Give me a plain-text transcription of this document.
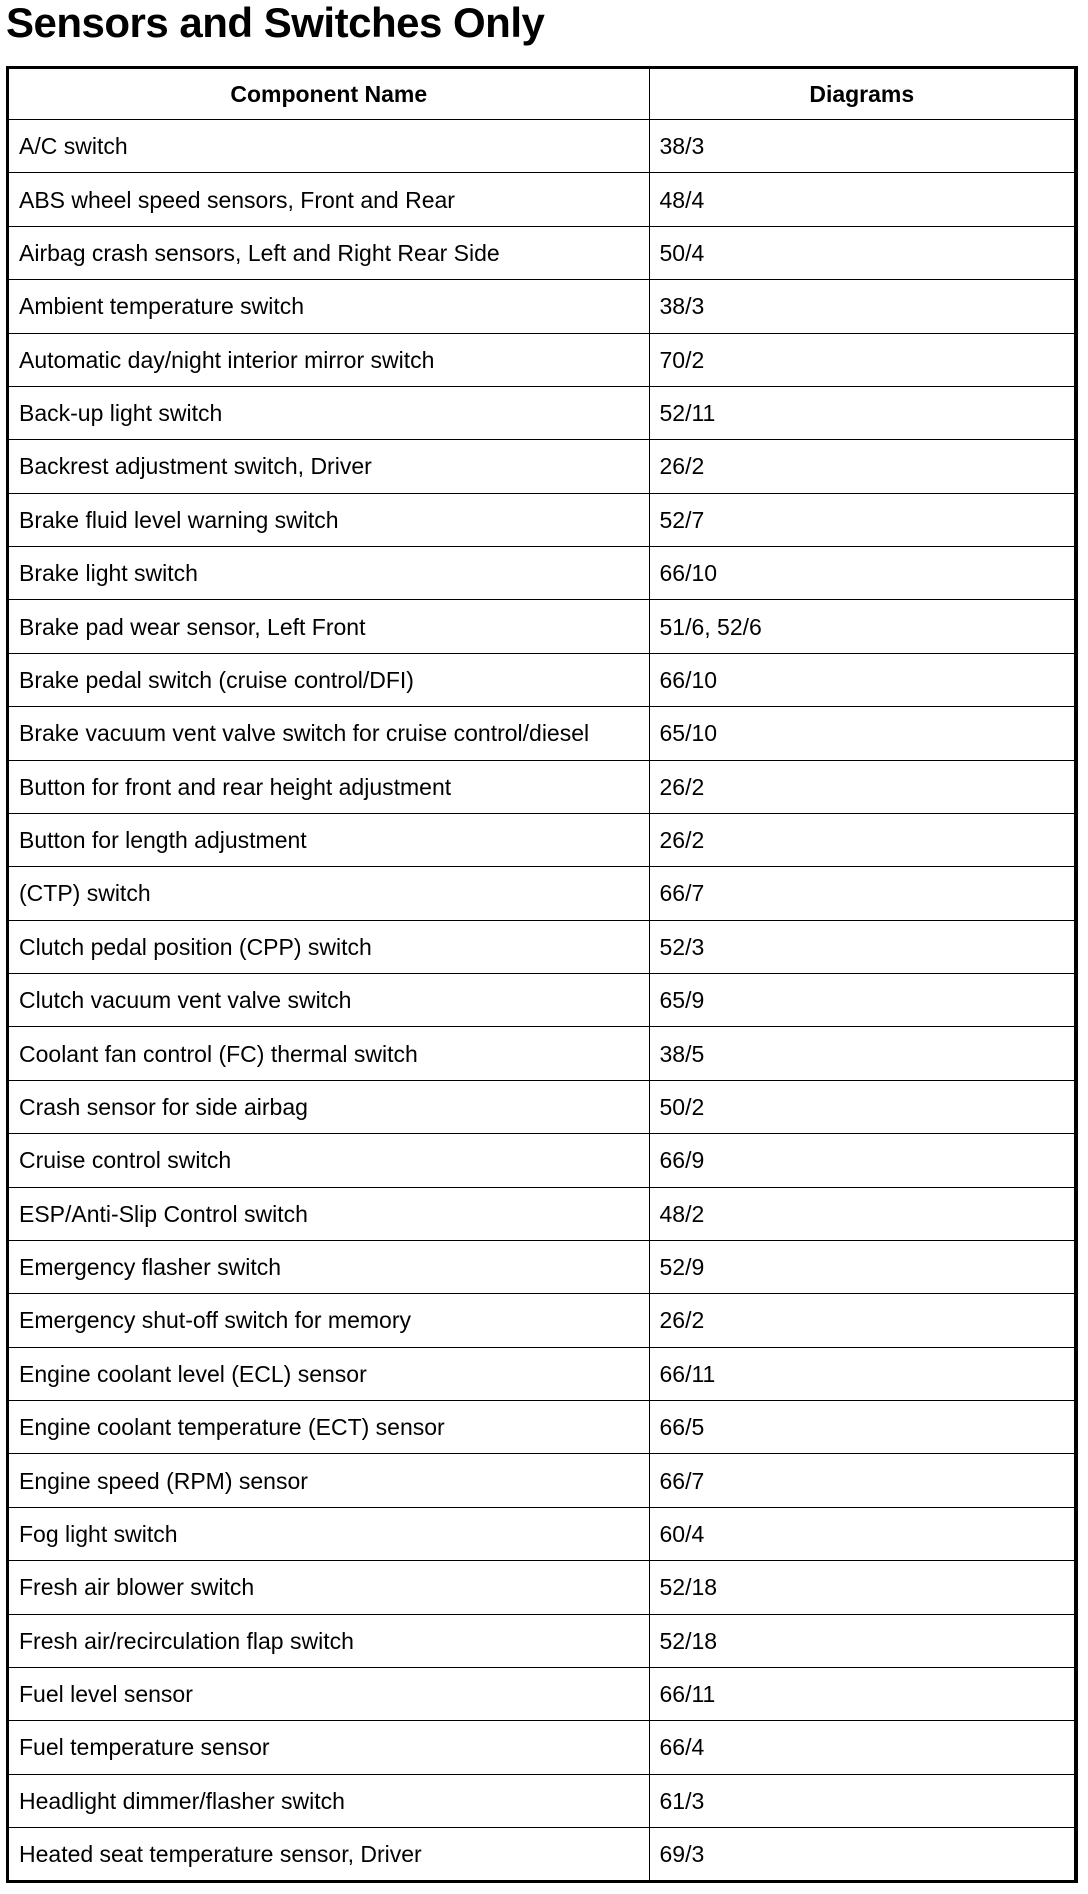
Sensors and Switches Only
Component Name	Diagrams
A/C switch	38/3
ABS wheel speed sensors, Front and Rear	48/4
Airbag crash sensors, Left and Right Rear Side	50/4
Ambient temperature switch	38/3
Automatic day/night interior mirror switch	70/2
Back-up light switch	52/11
Backrest adjustment switch, Driver	26/2
Brake fluid level warning switch	52/7
Brake light switch	66/10
Brake pad wear sensor, Left Front	51/6, 52/6
Brake pedal switch (cruise control/DFI)	66/10
Brake vacuum vent valve switch for cruise control/diesel	65/10
Button for front and rear height adjustment	26/2
Button for length adjustment	26/2
(CTP) switch	66/7
Clutch pedal position (CPP) switch	52/3
Clutch vacuum vent valve switch	65/9
Coolant fan control (FC) thermal switch	38/5
Crash sensor for side airbag	50/2
Cruise control switch	66/9
ESP/Anti-Slip Control switch	48/2
Emergency flasher switch	52/9
Emergency shut-off switch for memory	26/2
Engine coolant level (ECL) sensor	66/11
Engine coolant temperature (ECT) sensor	66/5
Engine speed (RPM) sensor	66/7
Fog light switch	60/4
Fresh air blower switch	52/18
Fresh air/recirculation flap switch	52/18
Fuel level sensor	66/11
Fuel temperature sensor	66/4
Headlight dimmer/flasher switch	61/3
Heated seat temperature sensor, Driver	69/3
